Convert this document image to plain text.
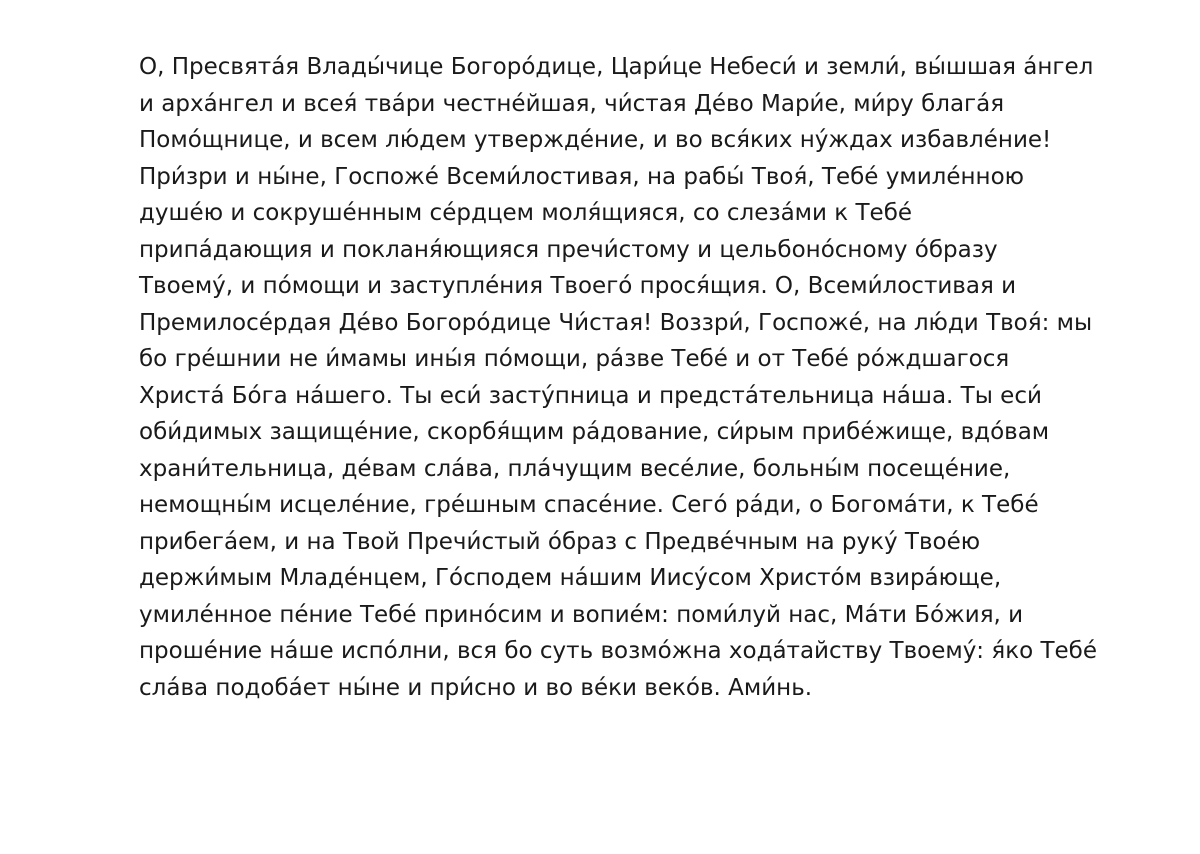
О, Пресвята́я Влады́чице Богоро́дице, Цари́це Небеси́ и земли́, вы́шшая а́нгел
и арха́нгел и всея́ тва́ри честне́йшая, чи́стая Де́во Мари́е, ми́ру блага́я
Помо́щнице, и всем лю́дем утвержде́ние, и во вся́ких ну́ждах избавле́ние!
При́зри и ны́не, Госпоже́ Всеми́лостивая, на рабы́ Твоя́, Тебе́ умиле́нною
душе́ю и сокруше́нным се́рдцем моля́щияся, со слеза́ми к Тебе́
припа́дающия и покланя́ющияся пречи́стому и цельбоно́сному о́бразу
Твоему́, и по́мощи и заступле́ния Твоего́ прося́щия. О, Всеми́лостивая и
Премилосе́рдая Де́во Богоро́дице Чи́стая! Воззри́, Госпоже́, на лю́ди Твоя́: мы
бо гре́шнии не и́мамы ины́я по́мощи, ра́зве Тебе́ и от Тебе́ ро́ждшагося
Христа́ Бо́га на́шего. Ты еси́ засту́пница и предста́тельница на́ша. Ты еси́
оби́димых защище́ние, скорбя́щим ра́дование, си́рым прибе́жище, вдо́вам
храни́тельница, де́вам сла́ва, пла́чущим весе́лие, больны́м посеще́ние,
немощны́м исцеле́ние, гре́шным спасе́ние. Сего́ ра́ди, о Богома́ти, к Тебе́
прибега́ем, и на Твой Пречи́стый о́браз с Предве́чным на руку́ Твое́ю
держи́мым Младе́нцем, Го́сподем на́шим Иису́сом Христо́м взира́юще,
умиле́нное пе́ние Тебе́ прино́сим и вопие́м: поми́луй нас, Ма́ти Бо́жия, и
проше́ние на́ше испо́лни, вся бо суть возмо́жна хода́тайству Твоему́: я́ко Тебе́
сла́ва подоба́ет ны́не и при́сно и во ве́ки веко́в. Ами́нь.
